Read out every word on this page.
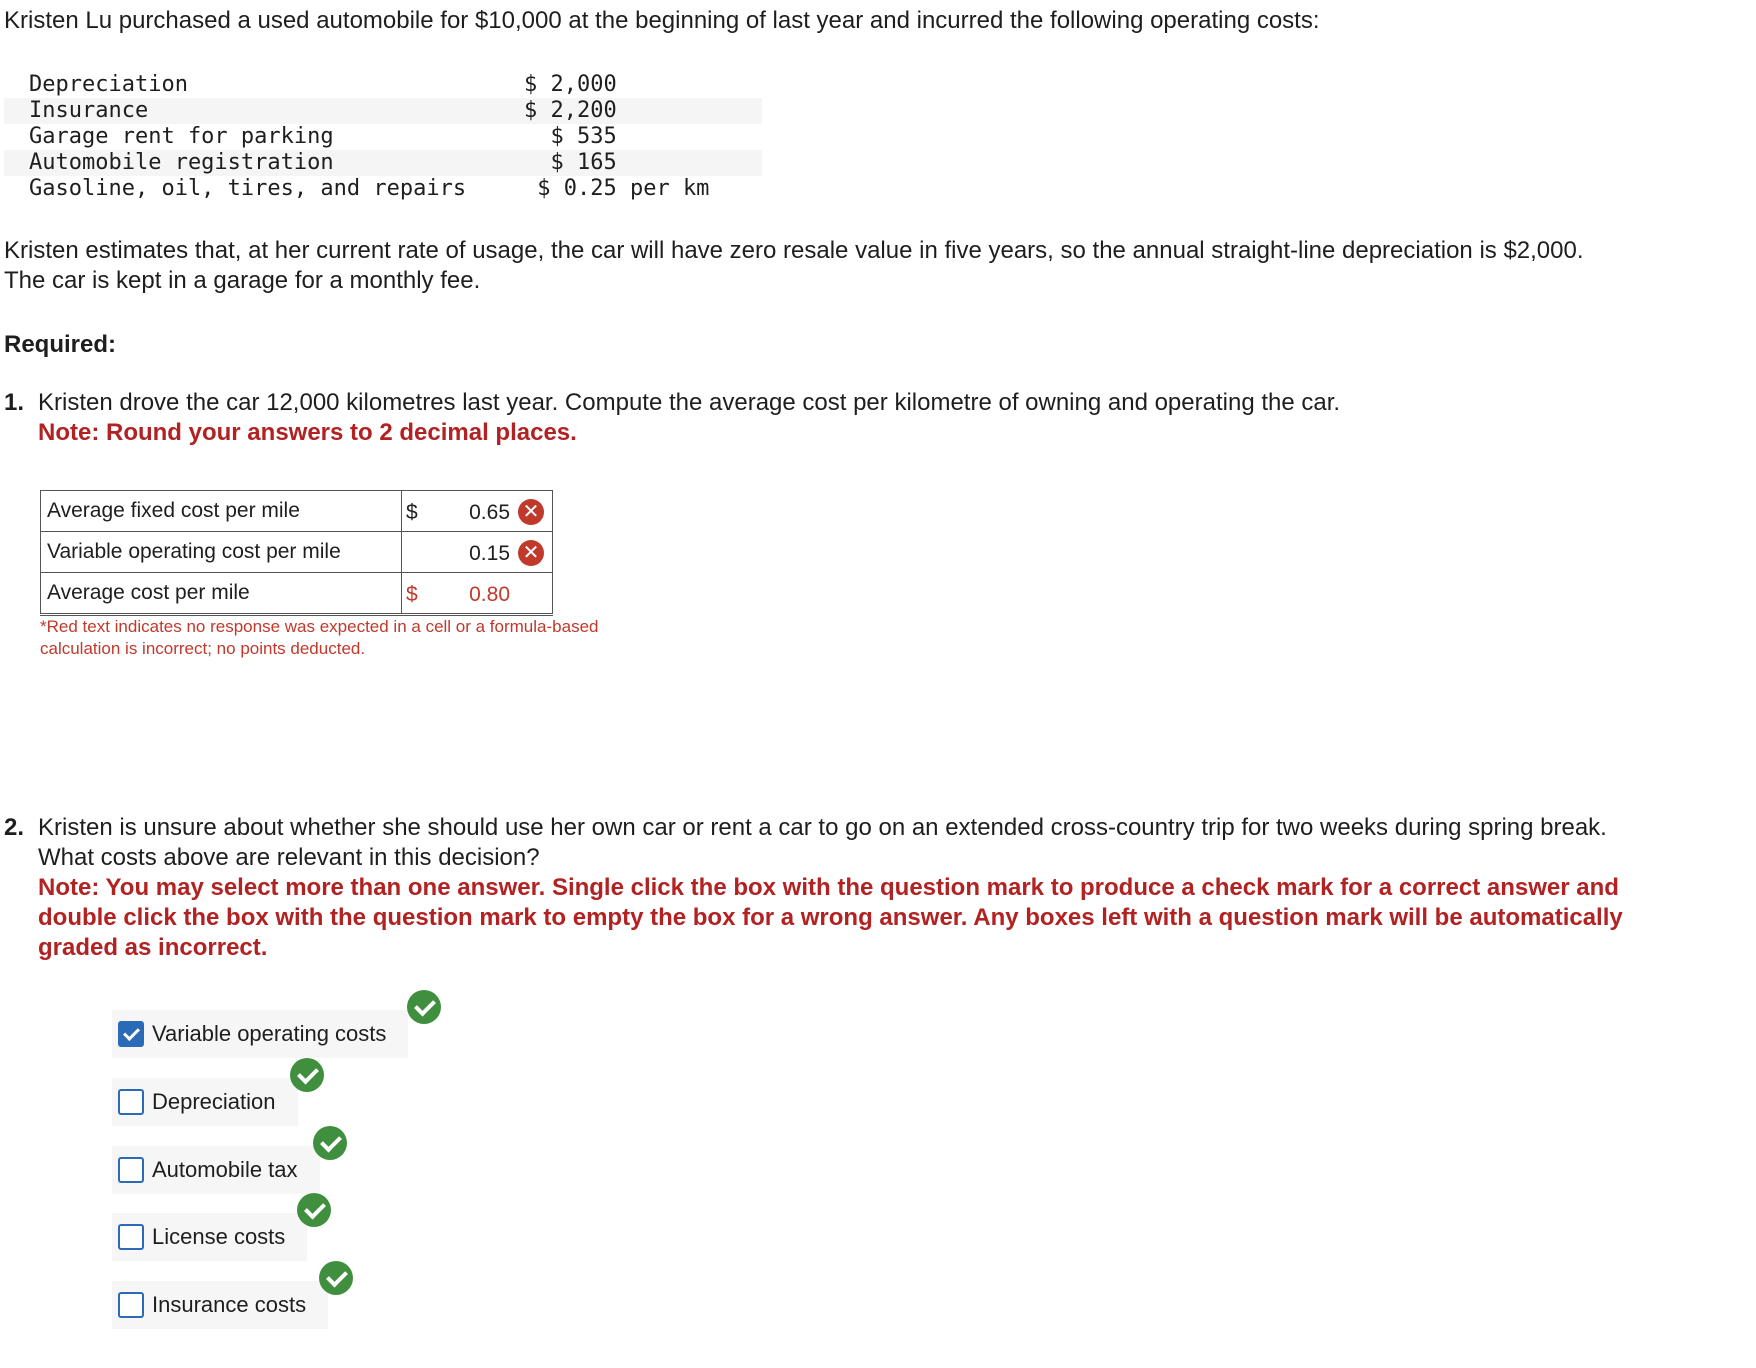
Kristen Lu purchased a used automobile for $10,000 at the beginning of last year and incurred the following operating costs:

Depreciation	$ 2,000
Insurance	$ 2,200
Garage rent for parking	$ 535
Automobile registration	$ 165
Gasoline, oil, tires, and repairs	$ 0.25 per km

Kristen estimates that, at her current rate of usage, the car will have zero resale value in five years, so the annual straight-line depreciation is $2,000. The car is kept in a garage for a monthly fee.

Required:

1. Kristen drove the car 12,000 kilometres last year. Compute the average cost per kilometre of owning and operating the car.
Note: Round your answers to 2 decimal places.
Average fixed cost per mile	$ 0.65 ✕

Variable operating cost per mile	0.15 ✕

Average cost per mile	$ 0.80
*Red text indicates no response was expected in a cell or a formula-based calculation is incorrect; no points deducted.
2. Kristen is unsure about whether she should use her own car or rent a car to go on an extended cross-country trip for two weeks during spring break. What costs above are relevant in this decision?
Note: You may select more than one answer. Single click the box with the question mark to produce a check mark for a correct answer and double click the box with the question mark to empty the box for a wrong answer. Any boxes left with a question mark will be automatically graded as incorrect.
Variable operating costs
Depreciation
Automobile tax
License costs
Insurance costs
